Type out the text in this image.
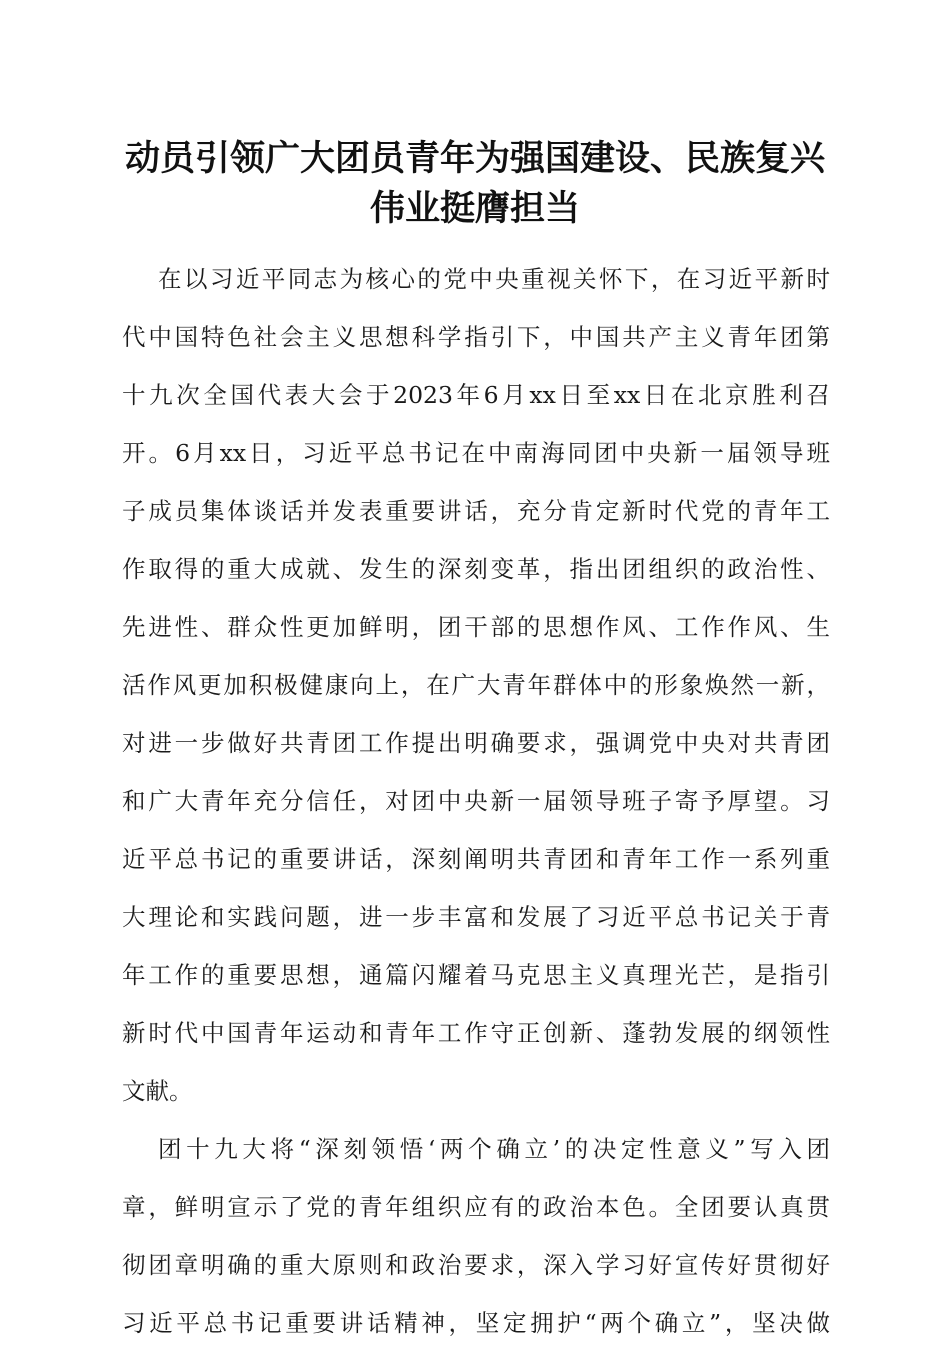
动员引领广大团员青年为强国建设、民族复兴
伟业挺膺担当
在以习近平同志为核心的党中央重视关怀下，在习近平新时
代中国特色社会主义思想科学指引下，中国共产主义青年团第
十九次全国代表大会于2023年6月xx日至xx日在北京胜利召
开。6月xx日，习近平总书记在中南海同团中央新一届领导班
子成员集体谈话并发表重要讲话，充分肯定新时代党的青年工
作取得的重大成就、发生的深刻变革，指出团组织的政治性、
先进性、群众性更加鲜明，团干部的思想作风、工作作风、生
活作风更加积极健康向上，在广大青年群体中的形象焕然一新，
对进一步做好共青团工作提出明确要求，强调党中央对共青团
和广大青年充分信任，对团中央新一届领导班子寄予厚望。习
近平总书记的重要讲话，深刻阐明共青团和青年工作一系列重
大理论和实践问题，进一步丰富和发展了习近平总书记关于青
年工作的重要思想，通篇闪耀着马克思主义真理光芒，是指引
新时代中国青年运动和青年工作守正创新、蓬勃发展的纲领性
文献。
团十九大将“深刻领悟‘两个确立’的决定性意义”写入团
章，鲜明宣示了党的青年组织应有的政治本色。全团要认真贯
彻团章明确的重大原则和政治要求，深入学习好宣传好贯彻好
习近平总书记重要讲话精神，坚定拥护“两个确立”，坚决做
